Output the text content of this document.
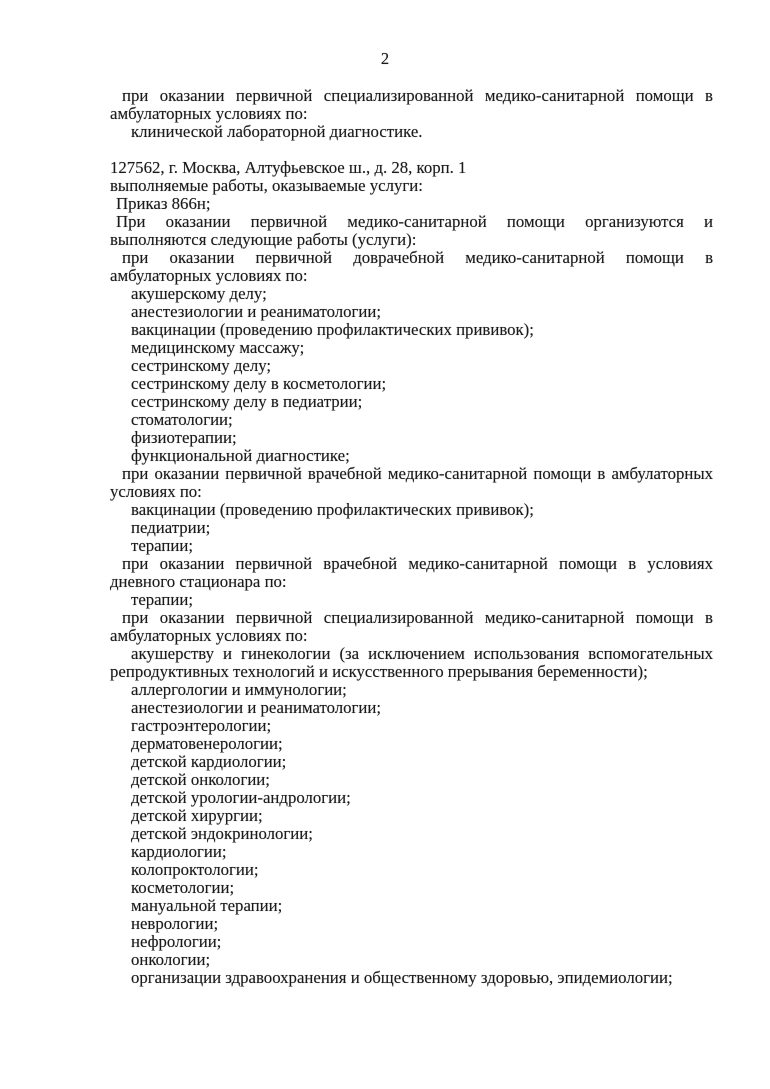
2

при оказании первичной специализированной медико-санитарной помощи в амбулаторных условиях по:

клинической лабораторной диагностике.

127562, г. Москва, Алтуфьевское ш., д. 28, корп. 1

выполняемые работы, оказываемые услуги:

Приказ 866н;

При оказании первичной медико-санитарной помощи организуются и выполняются следующие работы (услуги):

при оказании первичной доврачебной медико-санитарной помощи в амбулаторных условиях по:

акушерскому делу;

анестезиологии и реаниматологии;

вакцинации (проведению профилактических прививок);

медицинскому массажу;

сестринскому делу;

сестринскому делу в косметологии;

сестринскому делу в педиатрии;

стоматологии;

физиотерапии;

функциональной диагностике;

при оказании первичной врачебной медико-санитарной помощи в амбулаторных условиях по:

вакцинации (проведению профилактических прививок);

педиатрии;

терапии;

при оказании первичной врачебной медико-санитарной помощи в условиях дневного стационара по:

терапии;

при оказании первичной специализированной медико-санитарной помощи в амбулаторных условиях по:

акушерству и гинекологии (за исключением использования вспомогательных репродуктивных технологий и искусственного прерывания беременности);

аллергологии и иммунологии;

анестезиологии и реаниматологии;

гастроэнтерологии;

дерматовенерологии;

детской кардиологии;

детской онкологии;

детской урологии-андрологии;

детской хирургии;

детской эндокринологии;

кардиологии;

колопроктологии;

косметологии;

мануальной терапии;

неврологии;

нефрологии;

онкологии;

организации здравоохранения и общественному здоровью, эпидемиологии;
